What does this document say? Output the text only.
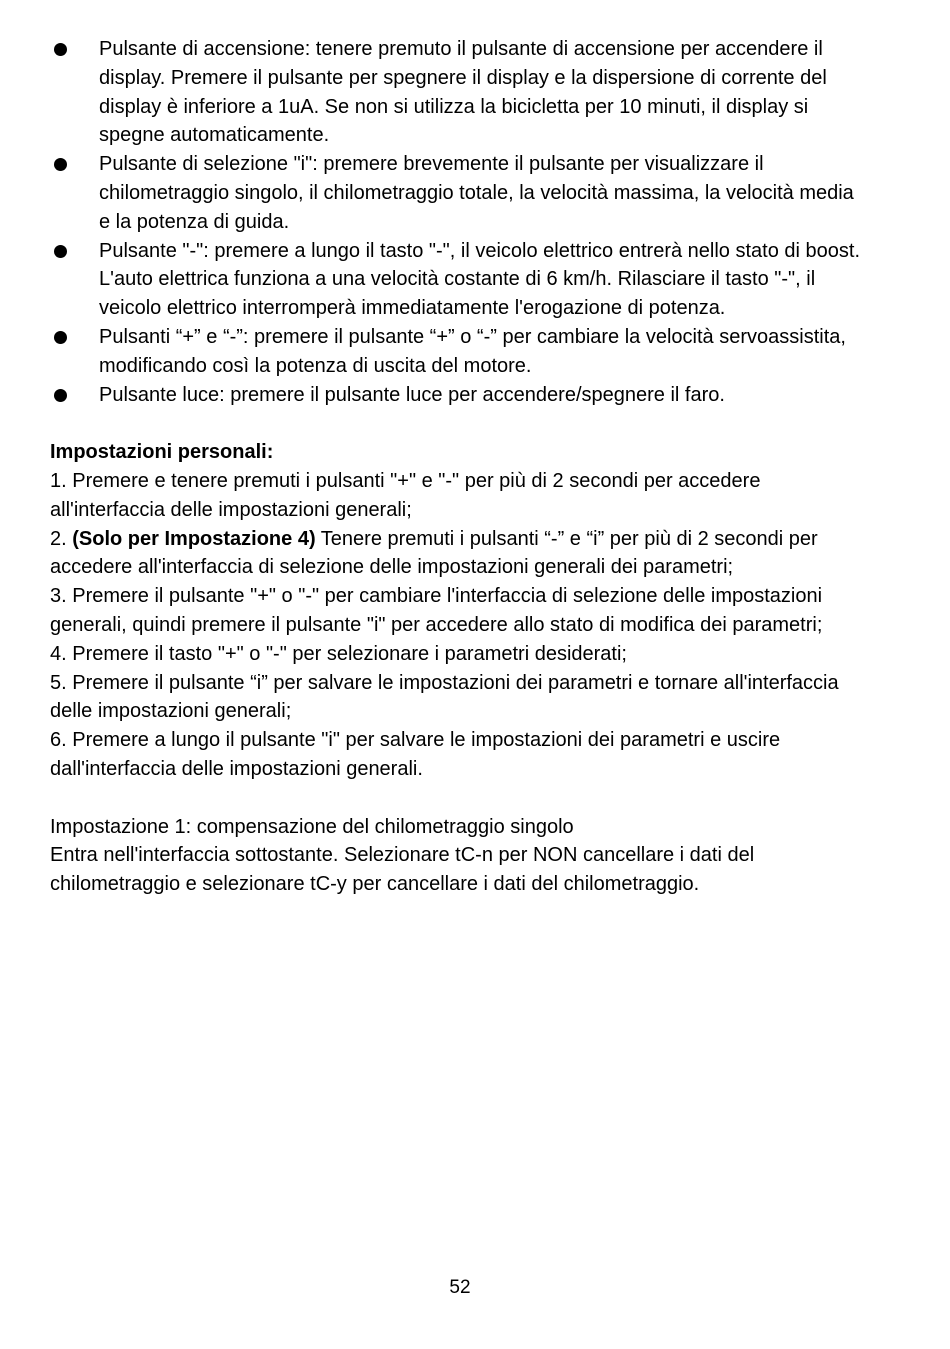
Pulsante di accensione: tenere premuto il pulsante di accensione per accendere il display. Premere il pulsante per spegnere il display e la dispersione di corrente del display è inferiore a 1uA. Se non si utilizza la bicicletta per 10 minuti, il display si spegne automaticamente.
Pulsante di selezione "i": premere brevemente il pulsante per visualizzare il chilometraggio singolo, il chilometraggio totale, la velocità massima, la velocità media e la potenza di guida.
Pulsante "-": premere a lungo il tasto "-", il veicolo elettrico entrerà nello stato di boost. L'auto elettrica funziona a una velocità costante di 6 km/h. Rilasciare il tasto "-", il veicolo elettrico interromperà immediatamente l'erogazione di potenza.
Pulsanti “+” e “-”: premere il pulsante “+” o “-” per cambiare la velocità servoassistita, modificando così la potenza di uscita del motore.
Pulsante luce: premere il pulsante luce per accendere/spegnere il faro.
Impostazioni personali:

1. Premere e tenere premuti i pulsanti "+" e "-" per più di 2 secondi per accedere all'interfaccia delle impostazioni generali;

2. (Solo per Impostazione 4) Tenere premuti i pulsanti “-” e “i” per più di 2 secondi per accedere all'interfaccia di selezione delle impostazioni generali dei parametri;

3. Premere il pulsante "+" o "-" per cambiare l'interfaccia di selezione delle impostazioni generali, quindi premere il pulsante "i" per accedere allo stato di modifica dei parametri;

4. Premere il tasto "+" o "-" per selezionare i parametri desiderati;

5. Premere il pulsante “i” per salvare le impostazioni dei parametri e tornare all'interfaccia delle impostazioni generali;

6. Premere a lungo il pulsante "i" per salvare le impostazioni dei parametri e uscire dall'interfaccia delle impostazioni generali.

Impostazione 1: compensazione del chilometraggio singolo

Entra nell'interfaccia sottostante. Selezionare tC-n per NON cancellare i dati del chilometraggio e selezionare tC-y per cancellare i dati del chilometraggio.

52
